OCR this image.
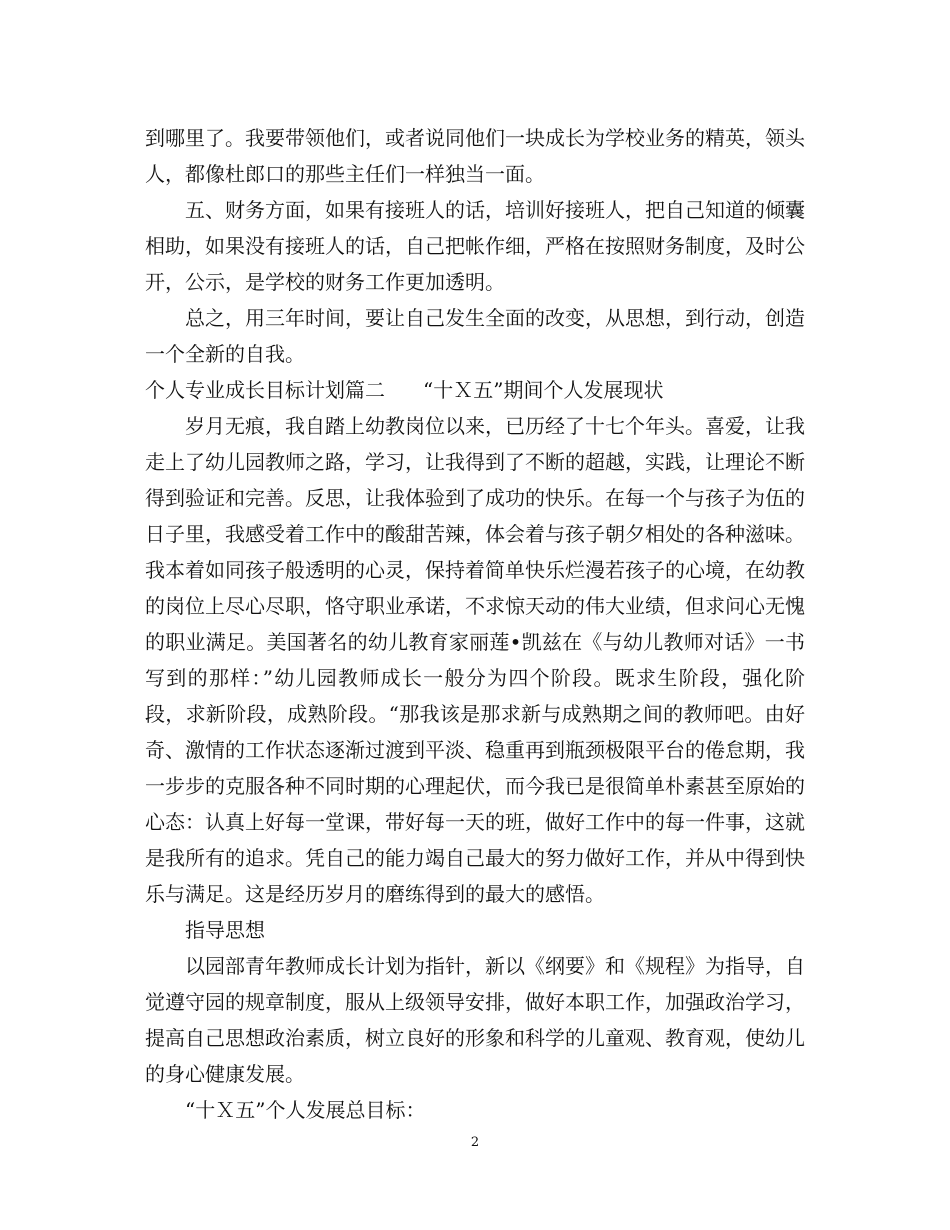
到哪里了。我要带领他们，或者说同他们一块成长为学校业务的精英，领头人，都像杜郎口的那些主任们一样独当一面。

五、财务方面，如果有接班人的话，培训好接班人，把自己知道的倾囊相助，如果没有接班人的话，自己把帐作细，严格在按照财务制度，及时公开，公示，是学校的财务工作更加透明。

总之，用三年时间，要让自己发生全面的改变，从思想，到行动，创造一个全新的自我。

个人专业成长目标计划篇二 “十Ｘ五”期间个人发展现状

岁月无痕，我自踏上幼教岗位以来，已历经了十七个年头。喜爱，让我走上了幼儿园教师之路，学习，让我得到了不断的超越，实践，让理论不断得到验证和完善。反思，让我体验到了成功的快乐。在每一个与孩子为伍的日子里，我感受着工作中的酸甜苦辣，体会着与孩子朝夕相处的各种滋味。我本着如同孩子般透明的心灵，保持着简单快乐烂漫若孩子的心境，在幼教的岗位上尽心尽职，恪守职业承诺，不求惊天动的伟大业绩，但求问心无愧的职业满足。美国著名的幼儿教育家丽莲•凯兹在《与幼儿教师对话》一书写到的那样：”幼儿园教师成长一般分为四个阶段。既求生阶段，强化阶段，求新阶段，成熟阶段。“那我该是那求新与成熟期之间的教师吧。由好奇、激情的工作状态逐渐过渡到平淡、稳重再到瓶颈极限平台的倦怠期，我一步步的克服各种不同时期的心理起伏，而今我已是很简单朴素甚至原始的心态：认真上好每一堂课，带好每一天的班，做好工作中的每一件事，这就是我所有的追求。凭自己的能力竭自己最大的努力做好工作，并从中得到快乐与满足。这是经历岁月的磨练得到的最大的感悟。

指导思想

以园部青年教师成长计划为指针，新以《纲要》和《规程》为指导，自觉遵守园的规章制度，服从上级领导安排，做好本职工作，加强政治学习，提高自己思想政治素质，树立良好的形象和科学的儿童观、教育观，使幼儿的身心健康发展。

“十Ｘ五”个人发展总目标：

2
